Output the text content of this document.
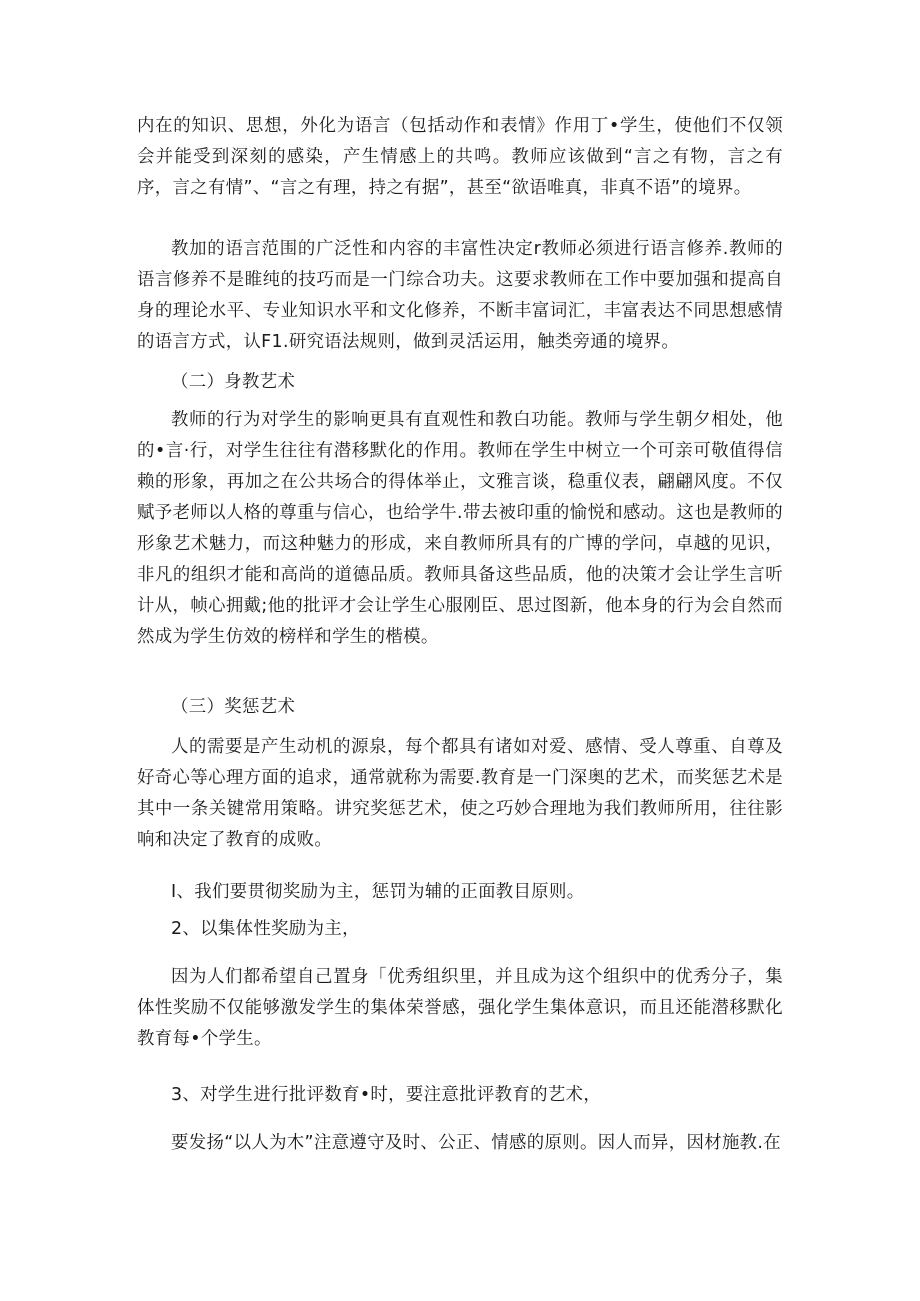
内在的知识、思想，外化为语言（包括动作和表情》作用丁•学生，使他们不仅领会并能受到深刻的感染，产生情感上的共鸣。教师应该做到“言之有物，言之有序，言之有情”、“言之有理，持之有据”，甚至“欲语唯真，非真不语”的境界。

教加的语言范围的广泛性和内容的丰富性决定r教师必须进行语言修养.教师的语言修养不是睢纯的技巧而是一门综合功夫。这要求教师在工作中要加强和提高自身的理论水平、专业知识水平和文化修养，不断丰富词汇，丰富表达不同思想感情的语言方式，认F1.研究语法规则，做到灵活运用，触类旁通的境界。

（二）身教艺术

教师的行为对学生的影响更具有直观性和教白功能。教师与学生朝夕相处，他的•言·行，对学生往往有潜移默化的作用。教师在学生中树立一个可亲可敬值得信赖的形象，再加之在公共场合的得体举止，文雅言谈，稳重仪表，翩翩风度。不仅赋予老师以人格的尊重与信心，也给学牛.带去被印重的愉悦和感动。这也是教师的形象艺术魅力，而这种魅力的形成，来自教师所具有的广博的学问，卓越的见识，非凡的组织才能和高尚的道德品质。教师具备这些品质，他的决策才会让学生言听计从，帧心拥戴;他的批评才会让学生心服刚臣、思过图新，他本身的行为会自然而然成为学生仿效的榜样和学生的楷模。

（三）奖惩艺术

人的需要是产生动机的源泉，每个都具有诸如对爱、感情、受人尊重、自尊及好奇心等心理方面的追求，通常就称为需要.教育是一门深奥的艺术，而奖惩艺术是其中一条关键常用策略。讲究奖惩艺术，使之巧妙合理地为我们教师所用，往往影响和决定了教育的成败。

I、我们要贯彻奖励为主，惩罚为辅的正面教目原则。

2、以集体性奖励为主，

因为人们都希望自己置身「优秀组织里，并且成为这个组织中的优秀分子，集体性奖励不仅能够激发学生的集体荣誉感，强化学生集体意识，而且还能潜移默化教育每•个学生。

3、对学生进行批评数育•时，要注意批评教育的艺术，

要发扬“以人为木”注意遵守及时、公正、情感的原则。因人而异，因材施教.在
